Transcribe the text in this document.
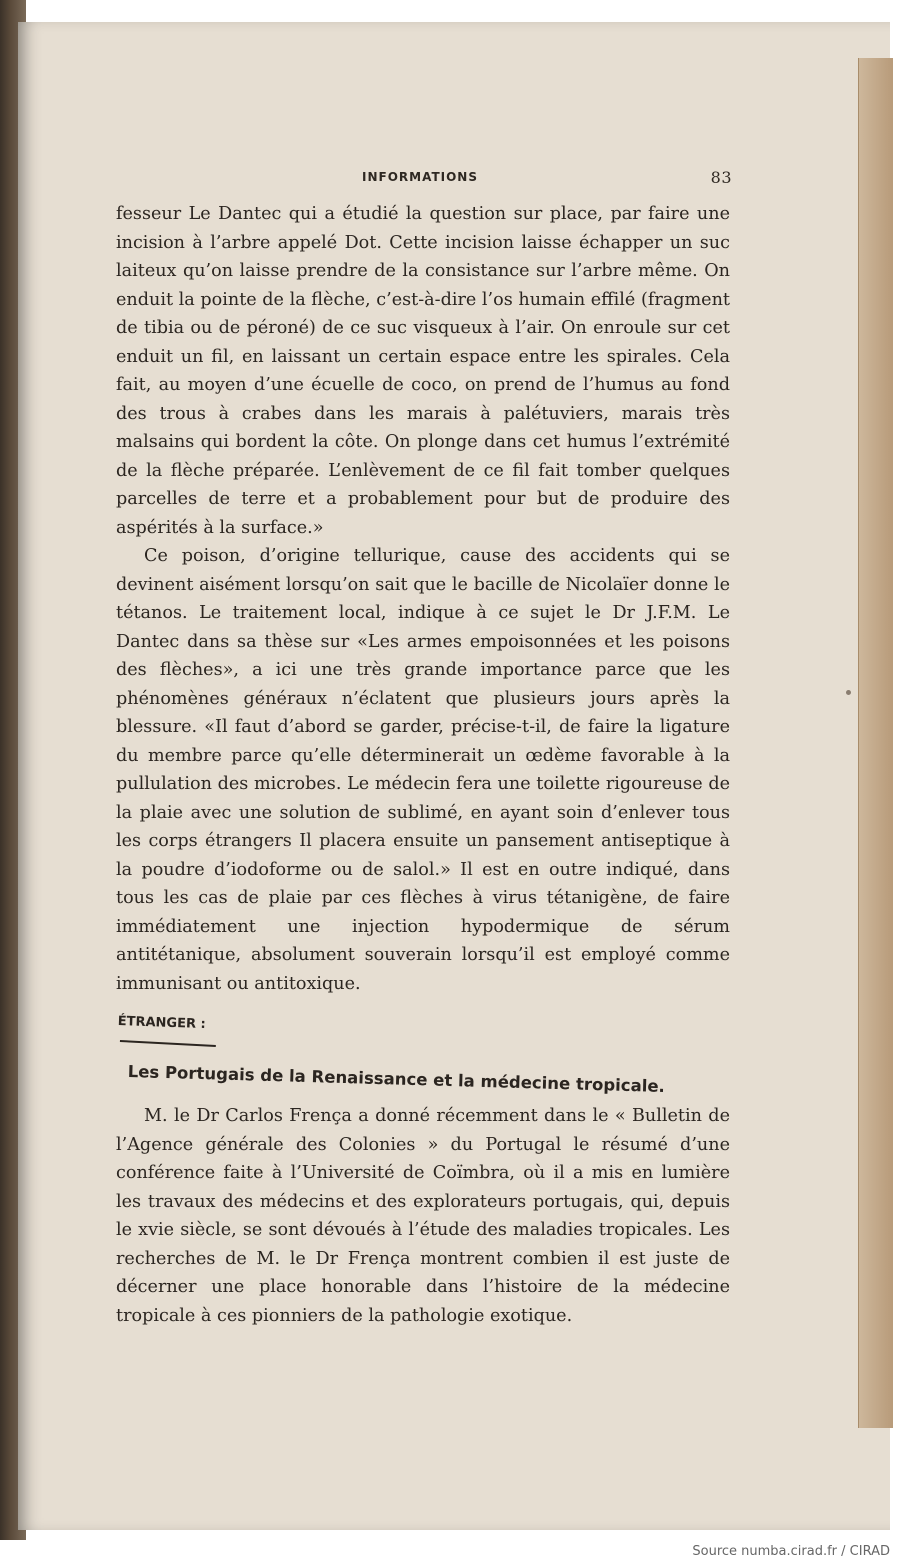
INFORMATIONS	83

fesseur Le Dantec qui a étudié la question sur place, par faire une incision à l’arbre appelé Dot. Cette incision laisse échapper un suc laiteux qu’on laisse prendre de la consistance sur l’arbre même. On enduit la pointe de la flèche, c’est-à-dire l’os humain effilé (fragment de tibia ou de péroné) de ce suc visqueux à l’air. On enroule sur cet enduit un fil, en laissant un certain espace entre les spirales. Cela fait, au moyen d’une écuelle de coco, on prend de l’humus au fond des trous à crabes dans les marais à palétuviers, marais très malsains qui bordent la côte. On plonge dans cet humus l’extrémité de la flèche préparée. L’enlèvement de ce fil fait tomber quelques parcelles de terre et a probablement pour but de produire des aspérités à la surface.»

Ce poison, d’origine tellurique, cause des accidents qui se devinent aisément lorsqu’on sait que le bacille de Nicolaïer donne le tétanos. Le traitement local, indique à ce sujet le Dr J.F.M. Le Dantec dans sa thèse sur «Les armes empoisonnées et les poisons des flèches», a ici une très grande importance parce que les phénomènes généraux n’éclatent que plusieurs jours après la blessure. «Il faut d’abord se garder, précise-t-il, de faire la ligature du membre parce qu’elle déterminerait un œdème favorable à la pullulation des microbes. Le médecin fera une toilette rigoureuse de la plaie avec une solution de sublimé, en ayant soin d’enlever tous les corps étrangers Il placera ensuite un pansement antiseptique à la poudre d’iodoforme ou de salol.» Il est en outre indiqué, dans tous les cas de plaie par ces flèches à virus tétanigène, de faire immédiatement une injection hypodermique de sérum antitétanique, absolument souverain lorsqu’il est employé comme immunisant ou antitoxique.

ÉTRANGER :
Les Portugais de la Renaissance et la médecine tropicale.

M. le Dr Carlos Frença a donné récemment dans le « Bulletin de l’Agence générale des Colonies » du Portugal le résumé d’une conférence faite à l’Université de Coïmbra, où il a mis en lumière les travaux des médecins et des explorateurs portugais, qui, depuis le xvie siècle, se sont dévoués à l’étude des maladies tropicales. Les recherches de M. le Dr Frença montrent combien il est juste de décerner une place honorable dans l’histoire de la médecine tropicale à ces pionniers de la pathologie exotique.

Source numba.cirad.fr / CIRAD
